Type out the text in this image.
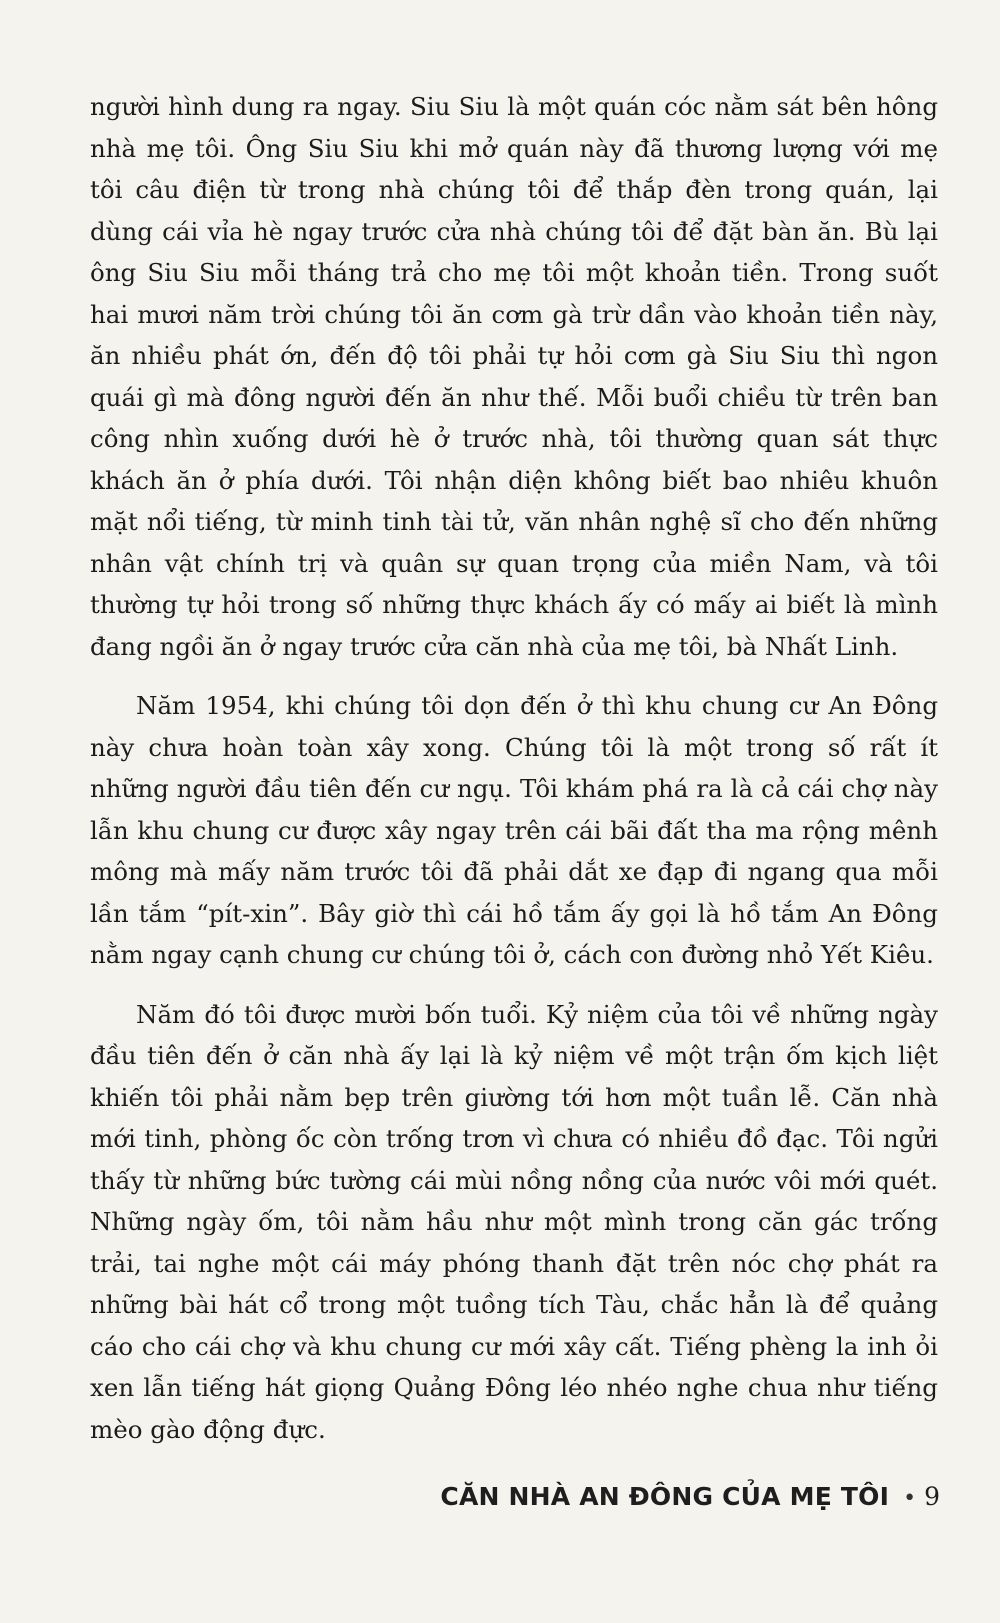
người hình dung ra ngay. Siu Siu là một quán cóc nằm sát bên hông nhà mẹ tôi. Ông Siu Siu khi mở quán này đã thương lượng với mẹ tôi câu điện từ trong nhà chúng tôi để thắp đèn trong quán, lại dùng cái vỉa hè ngay trước cửa nhà chúng tôi để đặt bàn ăn. Bù lại ông Siu Siu mỗi tháng trả cho mẹ tôi một khoản tiền. Trong suốt hai mươi năm trời chúng tôi ăn cơm gà trừ dần vào khoản tiền này, ăn nhiều phát ớn, đến độ tôi phải tự hỏi cơm gà Siu Siu thì ngon quái gì mà đông người đến ăn như thế. Mỗi buổi chiều từ trên ban công nhìn xuống dưới hè ở trước nhà, tôi thường quan sát thực khách ăn ở phía dưới. Tôi nhận diện không biết bao nhiêu khuôn mặt nổi tiếng, từ minh tinh tài tử, văn nhân nghệ sĩ cho đến những nhân vật chính trị và quân sự quan trọng của miền Nam, và tôi thường tự hỏi trong số những thực khách ấy có mấy ai biết là mình đang ngồi ăn ở ngay trước cửa căn nhà của mẹ tôi, bà Nhất Linh.

Năm 1954, khi chúng tôi dọn đến ở thì khu chung cư An Đông này chưa hoàn toàn xây xong. Chúng tôi là một trong số rất ít những người đầu tiên đến cư ngụ. Tôi khám phá ra là cả cái chợ này lẫn khu chung cư được xây ngay trên cái bãi đất tha ma rộng mênh mông mà mấy năm trước tôi đã phải dắt xe đạp đi ngang qua mỗi lần tắm “pít-xin”. Bây giờ thì cái hồ tắm ấy gọi là hồ tắm An Đông nằm ngay cạnh chung cư chúng tôi ở, cách con đường nhỏ Yết Kiêu.

Năm đó tôi được mười bốn tuổi. Kỷ niệm của tôi về những ngày đầu tiên đến ở căn nhà ấy lại là kỷ niệm về một trận ốm kịch liệt khiến tôi phải nằm bẹp trên giường tới hơn một tuần lễ. Căn nhà mới tinh, phòng ốc còn trống trơn vì chưa có nhiều đồ đạc. Tôi ngửi thấy từ những bức tường cái mùi nồng nồng của nước vôi mới quét. Những ngày ốm, tôi nằm hầu như một mình trong căn gác trống trải, tai nghe một cái máy phóng thanh đặt trên nóc chợ phát ra những bài hát cổ trong một tuồng tích Tàu, chắc hẳn là để quảng cáo cho cái chợ và khu chung cư mới xây cất. Tiếng phèng la inh ỏi xen lẫn tiếng hát giọng Quảng Đông léo nhéo nghe chua như tiếng mèo gào động đực.

CĂN NHÀ AN ĐÔNG CỦA MẸ TÔI • 9
